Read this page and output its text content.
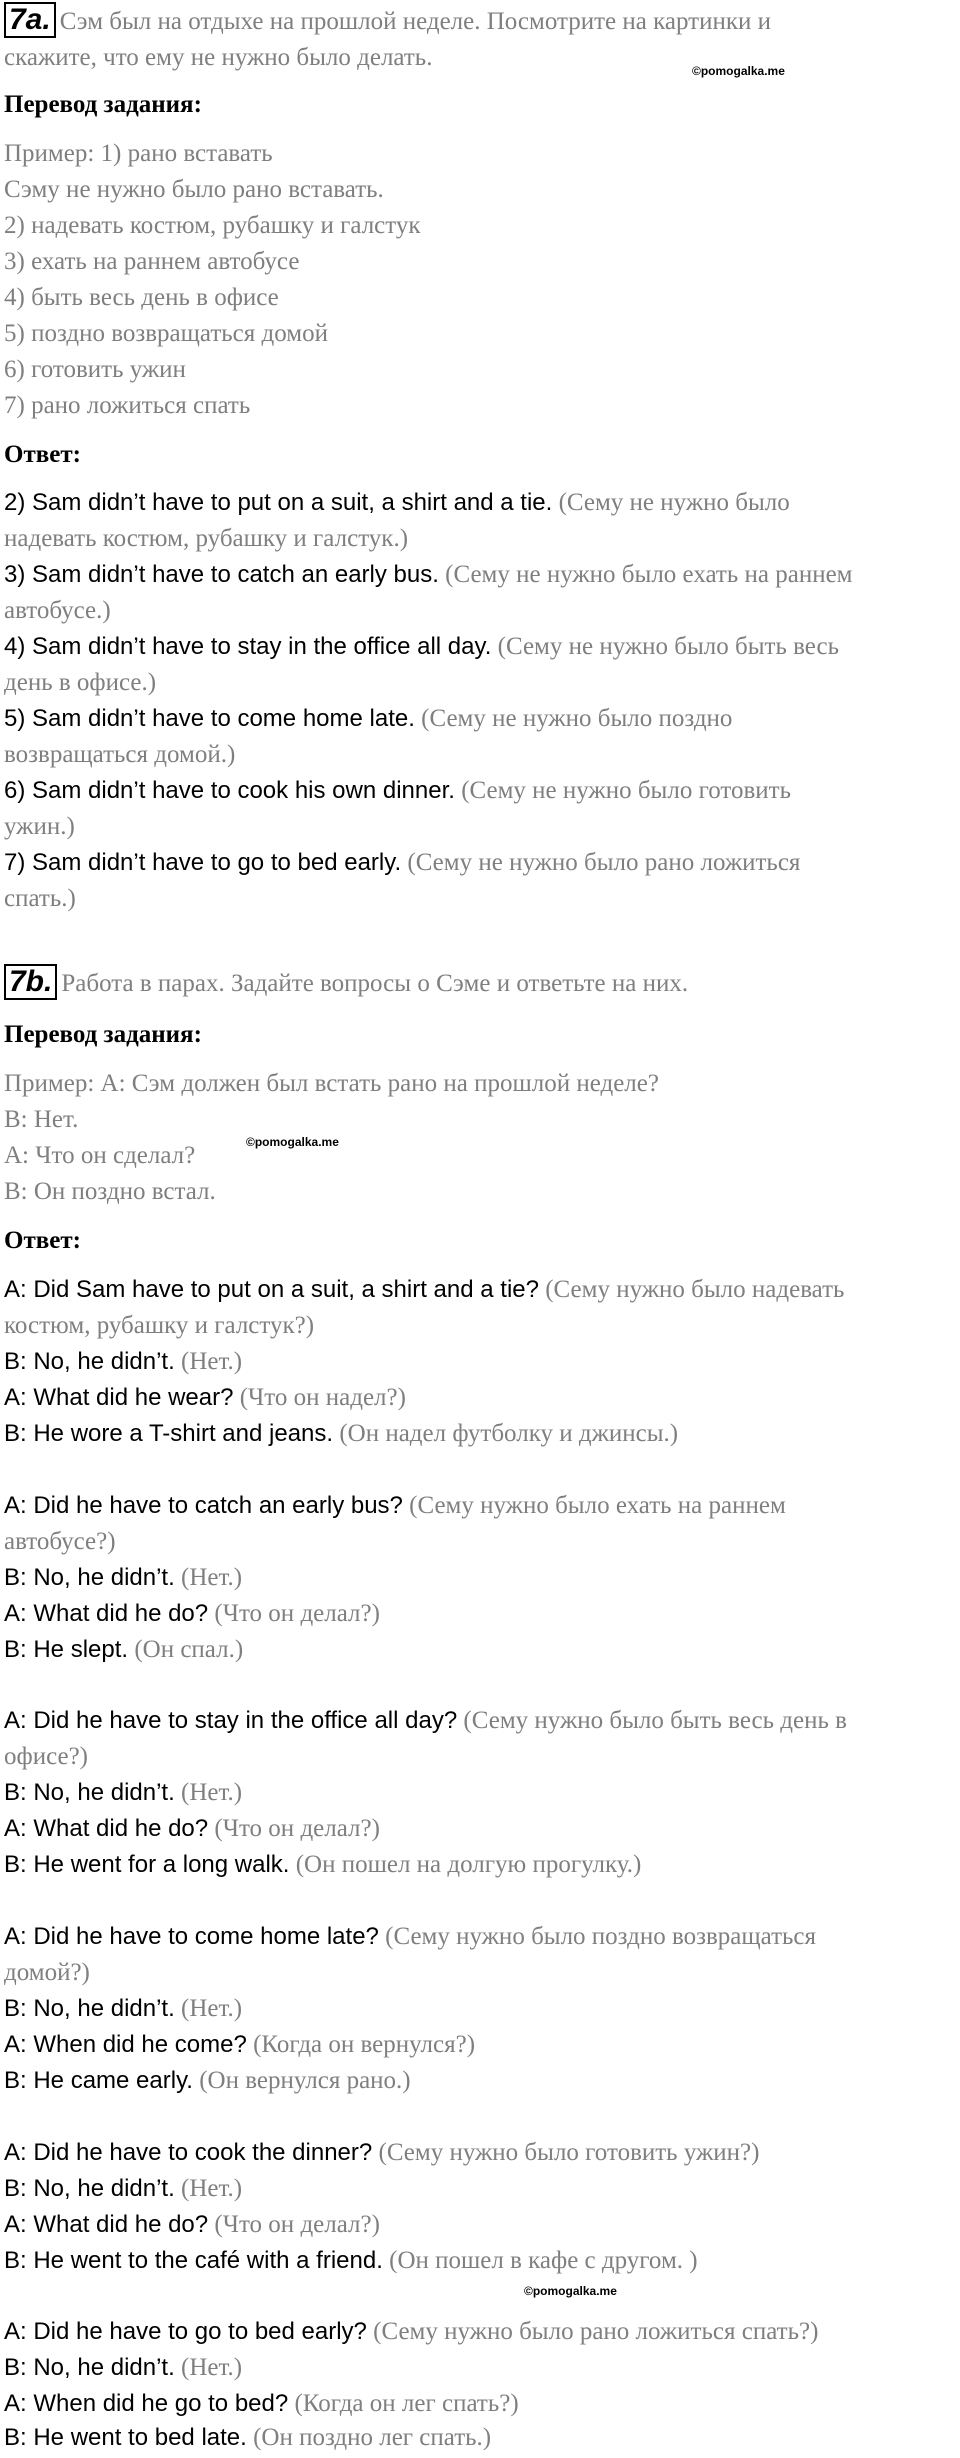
7a. Сэм был на отдыхе на прошлой неделе. Посмотрите на картинки и
скажите, что ему не нужно было делать.	©pomogalka.me
Перевод задания:
Пример: 1) рано вставать
Сэму не нужно было рано вставать.
2) надевать костюм, рубашку и галстук
3) ехать на раннем автобусе
4) быть весь день в офисе
5) поздно возвращаться домой
6) готовить ужин
7) рано ложиться спать
Ответ:
2) Sam didn’t have to put on a suit, a shirt and a tie. (Сему не нужно было
надевать костюм, рубашку и галстук.)
3) Sam didn’t have to catch an early bus. (Сему не нужно было ехать на раннем
автобусе.)
4) Sam didn’t have to stay in the office all day. (Сему не нужно было быть весь
день в офисе.)
5) Sam didn’t have to come home late. (Сему не нужно было поздно
возвращаться домой.)
6) Sam didn’t have to cook his own dinner. (Сему не нужно было готовить
ужин.)
7) Sam didn’t have to go to bed early. (Сему не нужно было рано ложиться
спать.)
7b. Работа в парах. Задайте вопросы о Сэме и ответьте на них.
Перевод задания:
Пример: А: Сэм должен был встать рано на прошлой неделе?
В: Нет.
А: Что он сделал?	©pomogalka.me
В: Он поздно встал.
Ответ:
A: Did Sam have to put on a suit, a shirt and a tie? (Сему нужно было надевать
костюм, рубашку и галстук?)
B: No, he didn’t. (Нет.)
A: What did he wear? (Что он надел?)
B: He wore a T-shirt and jeans. (Он надел футболку и джинсы.)
A: Did he have to catch an early bus? (Сему нужно было ехать на раннем
автобусе?)
B: No, he didn’t. (Нет.)
A: What did he do? (Что он делал?)
B: He slept. (Он спал.)
A: Did he have to stay in the office all day? (Сему нужно было быть весь день в
офисе?)
B: No, he didn’t. (Нет.)
A: What did he do? (Что он делал?)
B: He went for a long walk. (Он пошел на долгую прогулку.)
A: Did he have to come home late? (Сему нужно было поздно возвращаться
домой?)
B: No, he didn’t. (Нет.)
A: When did he come? (Когда он вернулся?)
B: He came early. (Он вернулся рано.)
A: Did he have to cook the dinner? (Сему нужно было готовить ужин?)
B: No, he didn’t. (Нет.)
A: What did he do? (Что он делал?)
B: He went to the café with a friend. (Он пошел в кафе с другом. )
©pomogalka.me
A: Did he have to go to bed early? (Сему нужно было рано ложиться спать?)
B: No, he didn’t. (Нет.)
A: When did he go to bed? (Когда он лег спать?)
B: He went to bed late. (Он поздно лег спать.)
